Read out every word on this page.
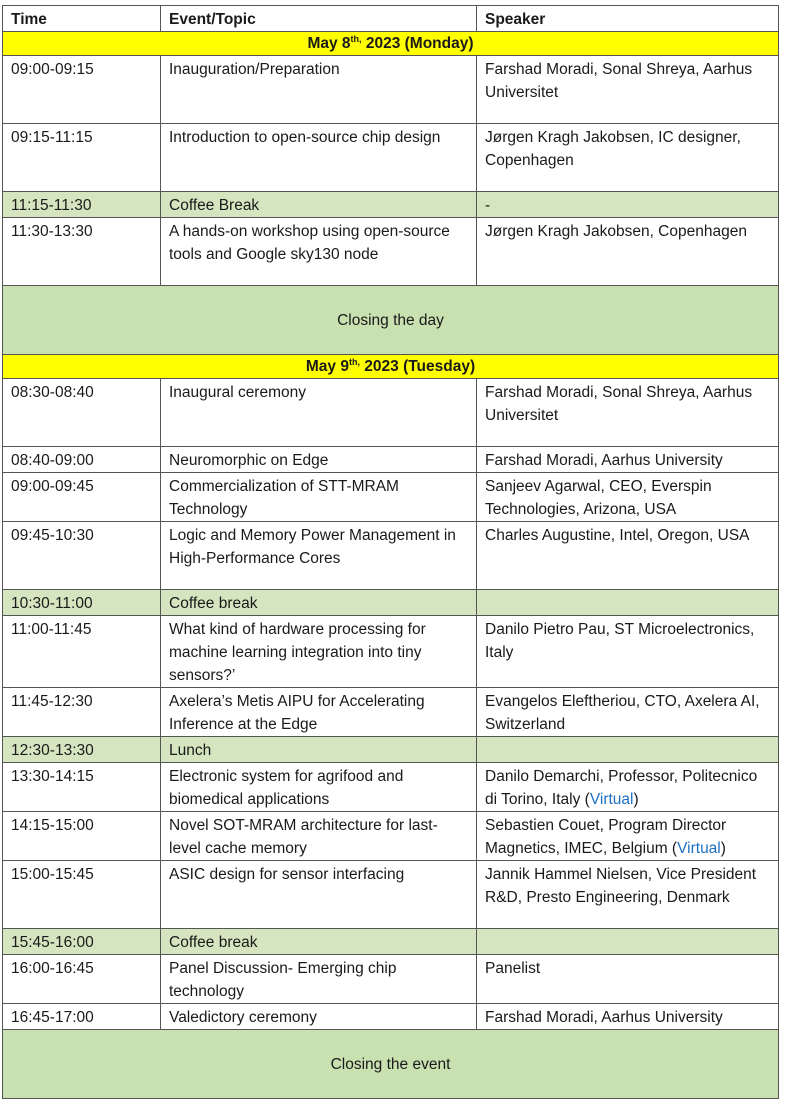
Time	Event/Topic	Speaker
May $8^{th,}$ 2023 (Monday)		
09:00-09:15	Inauguration/Preparation	Farshad Moradi, Sonal Shreya, Aarhus Universitet
09:15-11:15	Introduction to open-source chip design	Jørgen Kragh Jakobsen, IC designer, Copenhagen
11:15-11:30	Coffee Break	-
11:30-13:30	A hands-on workshop using open-source tools and Google sky130 node	Jørgen Kragh Jakobsen, Copenhagen
Closing the day		
May $9^{th,}$ 2023 (Tuesday)		
08:30-08:40	Inaugural ceremony	Farshad Moradi, Sonal Shreya, Aarhus Universitet
08:40-09:00	Neuromorphic on Edge	Farshad Moradi, Aarhus University
09:00-09:45	Commercialization of STT-MRAM Technology	Sanjeev Agarwal, CEO, Everspin Technologies, Arizona, USA
09:45-10:30	Logic and Memory Power Management in High-Performance Cores	Charles Augustine, Intel, Oregon, USA
10:30-11:00	Coffee break	
11:00-11:45	What kind of hardware processing for machine learning integration into tiny sensors?’	Danilo Pietro Pau, ST Microelectronics, Italy
11:45-12:30	Axelera’s Metis AIPU for Accelerating Inference at the Edge	Evangelos Eleftheriou, CTO, Axelera AI, Switzerland
12:30-13:30	Lunch	
13:30-14:15	Electronic system for agrifood and biomedical applications	Danilo Demarchi, Professor, Politecnico di Torino, Italy (Virtual)
14:15-15:00	Novel SOT-MRAM architecture for last-level cache memory	Sebastien Couet, Program Director Magnetics, IMEC, Belgium (Virtual)
15:00-15:45	ASIC design for sensor interfacing	Jannik Hammel Nielsen, Vice President R&D, Presto Engineering, Denmark
15:45-16:00	Coffee break	
16:00-16:45	Panel Discussion- Emerging chip technology	Panelist
16:45-17:00	Valedictory ceremony	Farshad Moradi, Aarhus University
Closing the event		
